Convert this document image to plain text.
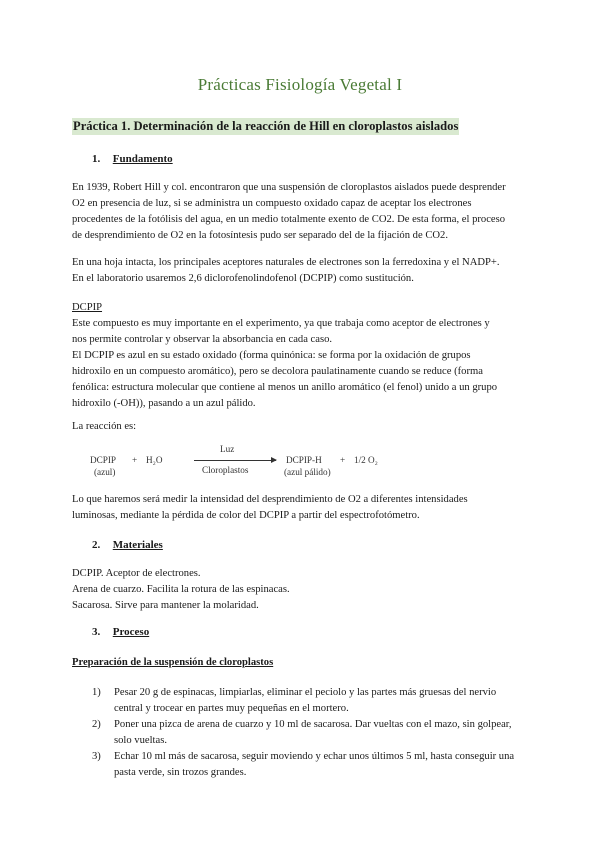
Prácticas Fisiología Vegetal I
Práctica 1. Determinación de la reacción de Hill en cloroplastos aislados
1. Fundamento
En 1939, Robert Hill y col. encontraron que una suspensión de cloroplastos aislados puede desprender
O2 en presencia de luz, si se administra un compuesto oxidado capaz de aceptar los electrones
procedentes de la fotólisis del agua, en un medio totalmente exento de CO2. De esta forma, el proceso
de desprendimiento de O2 en la fotosíntesis pudo ser separado del de la fijación de CO2.
En una hoja intacta, los principales aceptores naturales de electrones son la ferredoxina y el NADP+.
En el laboratorio usaremos 2,6 diclorofenolindofenol (DCPIP) como sustitución.
DCPIP
Este compuesto es muy importante en el experimento, ya que trabaja como aceptor de electrones y
nos permite controlar y observar la absorbancia en cada caso.
El DCPIP es azul en su estado oxidado (forma quinónica: se forma por la oxidación de grupos
hidroxilo en un compuesto aromático), pero se decolora paulatinamente cuando se reduce (forma
fenólica: estructura molecular que contiene al menos un anillo aromático (el fenol) unido a un grupo
hidroxilo (-OH)), pasando a un azul pálido.
La reacción es:
DCPIP
(azul)
+ H₂O
Luz
Cloroplastos
DCPIP-H
(azul pálido)
+ 1/2 O₂
Lo que haremos será medir la intensidad del desprendimiento de O2 a diferentes intensidades
luminosas, mediante la pérdida de color del DCPIP a partir del espectrofotómetro.
2. Materiales
DCPIP. Aceptor de electrones.
Arena de cuarzo. Facilita la rotura de las espinacas.
Sacarosa. Sirve para mantener la molaridad.
3. Proceso
Preparación de la suspensión de cloroplastos
1) Pesar 20 g de espinacas, limpiarlas, eliminar el peciolo y las partes más gruesas del nervio
central y trocear en partes muy pequeñas en el mortero.
2) Poner una pizca de arena de cuarzo y 10 ml de sacarosa. Dar vueltas con el mazo, sin golpear,
solo vueltas.
3) Echar 10 ml más de sacarosa, seguir moviendo y echar unos últimos 5 ml, hasta conseguir una
pasta verde, sin trozos grandes.
